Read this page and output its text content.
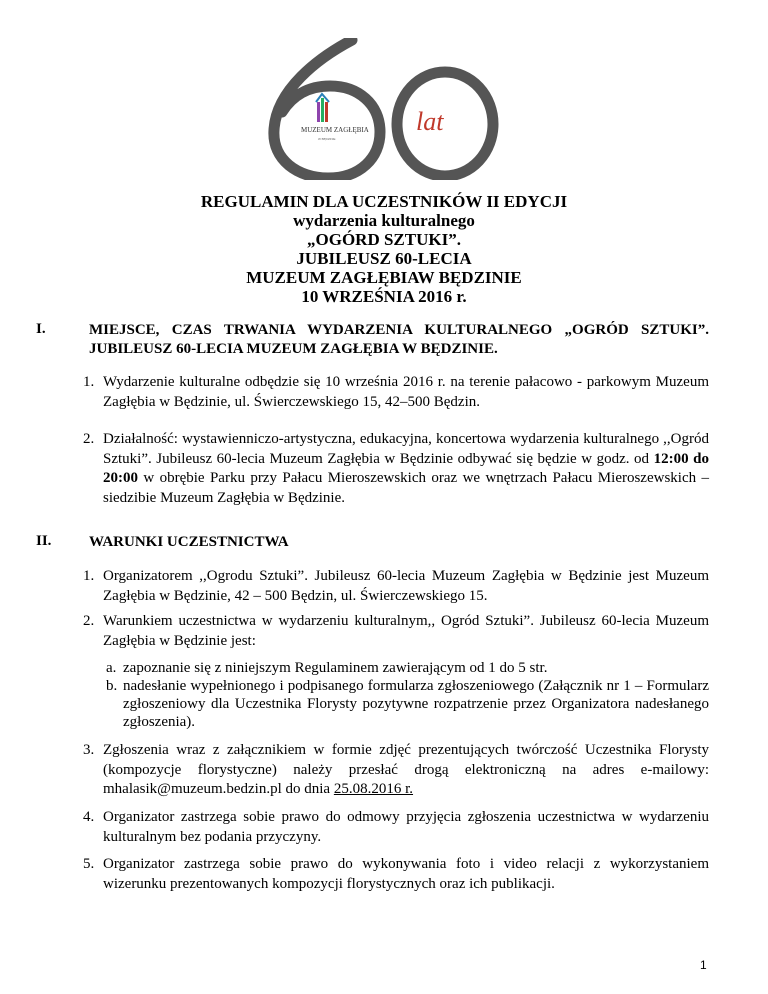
MUZEUM ZAGŁĘBIA
W BĘDZINIE
lat
REGULAMIN DLA UCZESTNIKÓW II EDYCJI
wydarzenia kulturalnego
„OGÓRD SZTUKI”.
JUBILEUSZ 60-LECIA
MUZEUM ZAGŁĘBIAW BĘDZINIE
10 WRZEŚNIA 2016 r.
I.	MIEJSCE, CZAS TRWANIA WYDARZENIA KULTURALNEGO „OGRÓD SZTUKI”. JUBILEUSZ 60-LECIA MUZEUM ZAGŁĘBIA W BĘDZINIE.
1. Wydarzenie kulturalne odbędzie się 10 września 2016 r. na terenie pałacowo - parkowym Muzeum Zagłębia w Będzinie, ul. Świerczewskiego 15, 42–500 Będzin.
2. Działalność: wystawienniczo-artystyczna, edukacyjna, koncertowa wydarzenia kulturalnego ,,Ogród Sztuki”. Jubileusz 60-lecia Muzeum Zagłębia w Będzinie odbywać się będzie w godz. od 12:00 do 20:00 w obrębie Parku przy Pałacu Mieroszewskich oraz we wnętrzach Pałacu Mieroszewskich – siedzibie Muzeum Zagłębia w Będzinie.
II.	WARUNKI UCZESTNICTWA
1. Organizatorem ,,Ogrodu Sztuki”. Jubileusz 60-lecia Muzeum Zagłębia w Będzinie jest Muzeum Zagłębia w Będzinie, 42 – 500 Będzin, ul. Świerczewskiego 15.
2. Warunkiem uczestnictwa w wydarzeniu kulturalnym,, Ogród Sztuki”. Jubileusz 60-lecia Muzeum Zagłębia w Będzinie jest:
a. zapoznanie się z niniejszym Regulaminem zawierającym od 1 do 5 str.
b. nadesłanie wypełnionego i podpisanego formularza zgłoszeniowego (Załącznik nr 1 – Formularz zgłoszeniowy dla Uczestnika Florysty pozytywne rozpatrzenie przez Organizatora nadesłanego zgłoszenia).
3. Zgłoszenia wraz z załącznikiem w formie zdjęć prezentujących twórczość Uczestnika Florysty (kompozycje florystyczne) należy przesłać drogą elektroniczną na adres e-mailowy: mhalasik@muzeum.bedzin.pl do dnia 25.08.2016 r.
4. Organizator zastrzega sobie prawo do odmowy przyjęcia zgłoszenia uczestnictwa w wydarzeniu kulturalnym bez podania przyczyny.
5. Organizator zastrzega sobie prawo do wykonywania foto i video relacji z wykorzystaniem wizerunku prezentowanych kompozycji florystycznych oraz ich publikacji.
1
